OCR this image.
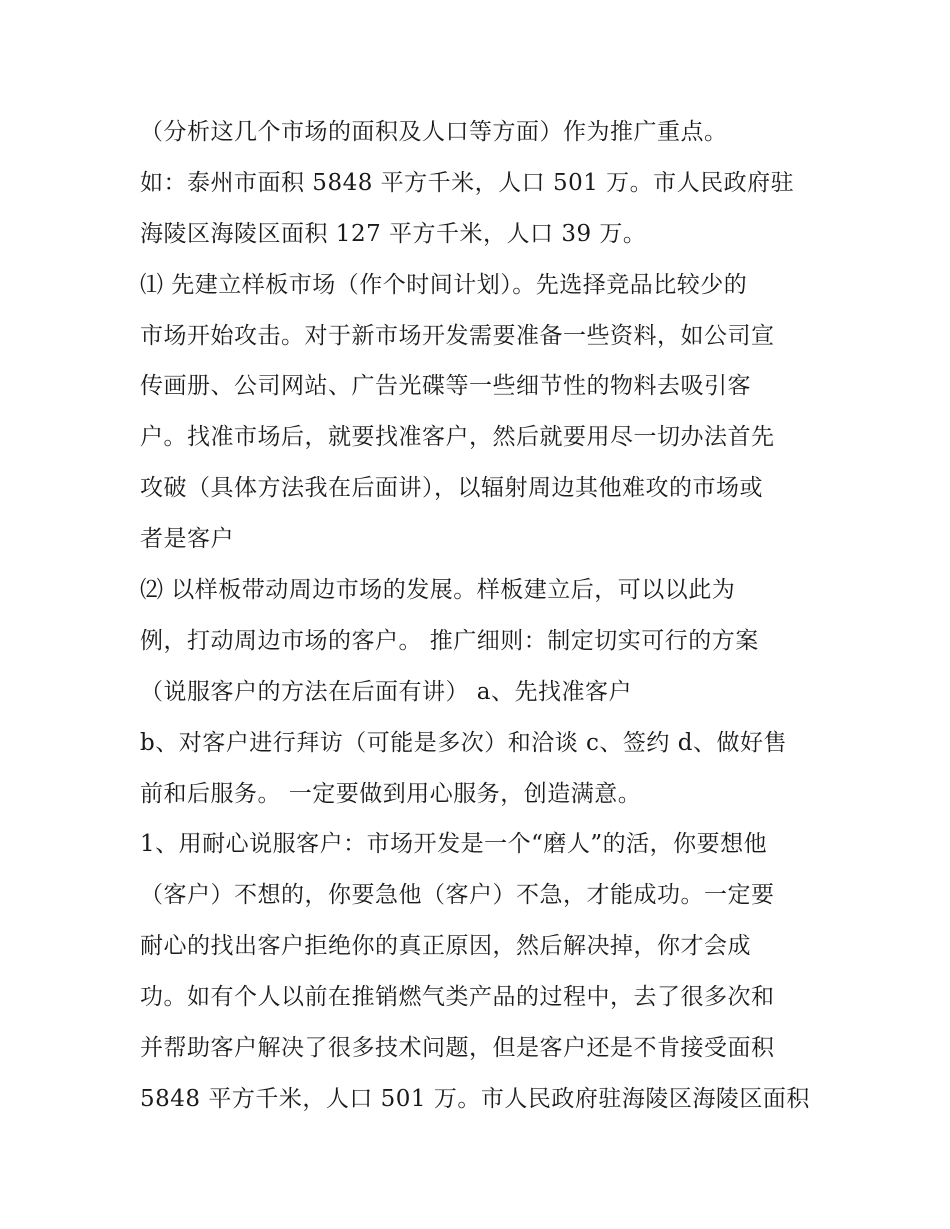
（分析这几个市场的面积及人口等方面）作为推广重点。

如：泰州市面积 5848 平方千米，人口 501 万。市人民政府驻

海陵区海陵区面积 127 平方千米，人口 39 万。

⑴ 先建立样板市场（作个时间计划）。先选择竞品比较少的

市场开始攻击。对于新市场开发需要准备一些资料，如公司宣

传画册、公司网站、广告光碟等一些细节性的物料去吸引客

户。找准市场后，就要找准客户，然后就要用尽一切办法首先

攻破（具体方法我在后面讲），以辐射周边其他难攻的市场或

者是客户

⑵ 以样板带动周边市场的发展。样板建立后，可以以此为

例，打动周边市场的客户。 推广细则：制定切实可行的方案

（说服客户的方法在后面有讲） a、先找准客户

b、对客户进行拜访（可能是多次）和洽谈 c、签约 d、做好售

前和后服务。 一定要做到用心服务，创造满意。

1、用耐心说服客户：市场开发是一个“磨人”的活，你要想他

（客户）不想的，你要急他（客户）不急，才能成功。一定要

耐心的找出客户拒绝你的真正原因，然后解决掉，你才会成

功。如有个人以前在推销燃气类产品的过程中，去了很多次和

并帮助客户解决了很多技术问题，但是客户还是不肯接受面积

5848 平方千米，人口 501 万。市人民政府驻海陵区海陵区面积
